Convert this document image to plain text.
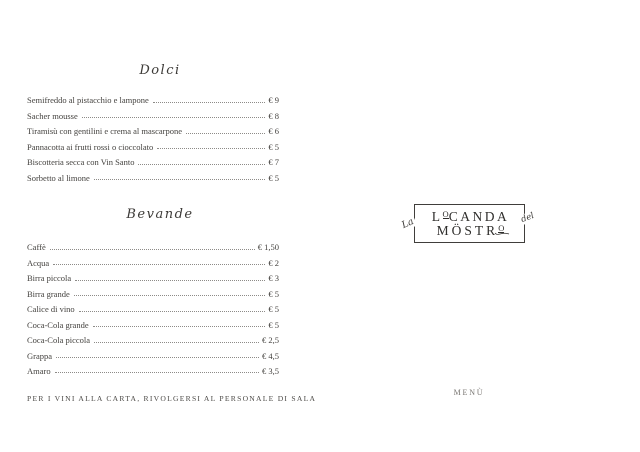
Dolci
Semifreddo al pistacchio e lampone	€ 9
Sacher mousse	€ 8
Tiramisù con gentilini e crema al mascarpone	€ 6
Pannacotta ai frutti rossi o cioccolato	€ 5
Biscotteria secca con Vin Santo	€ 7
Sorbetto al limone	€ 5
Bevande
Caffè	€ 1,50
Acqua	€ 2
Birra piccola	€ 3
Birra grande	€ 5
Calice di vino	€ 5
Coca-Cola grande	€ 5
Coca-Cola piccola	€ 2,5
Grappa	€ 4,5
Amaro	€ 3,5
PER I VINI ALLA CARTA, RIVOLGERSI AL PERSONALE DI SALA
La
LOCANDA
MÖSTRO
del
MENÙ
